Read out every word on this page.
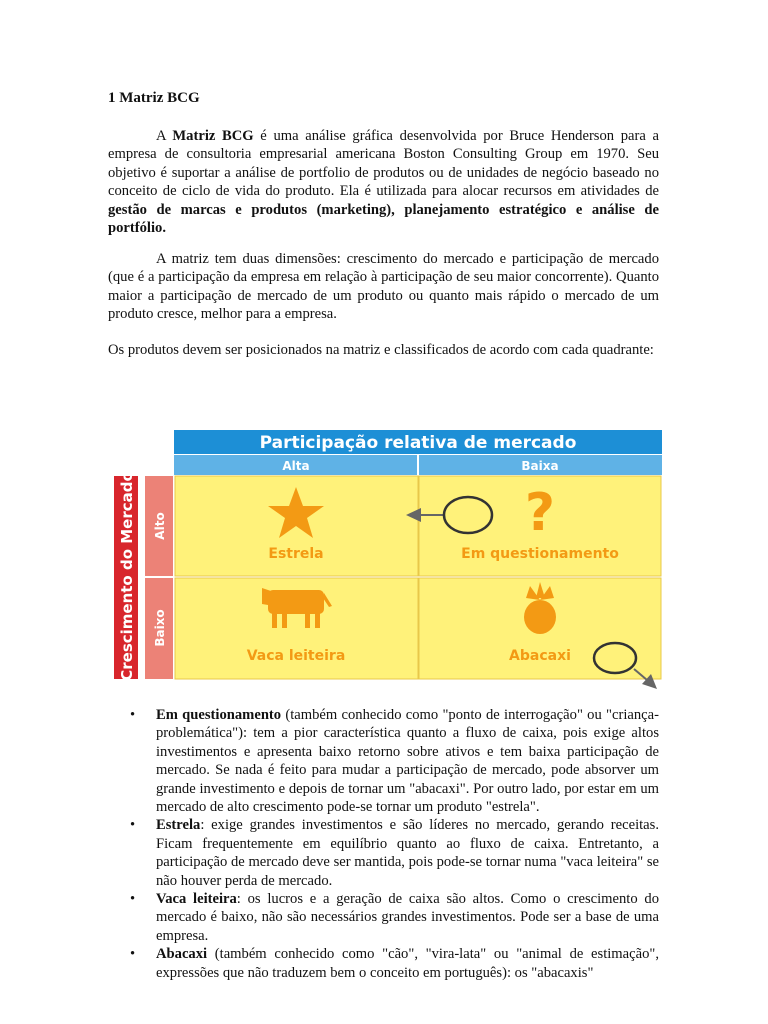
1 Matriz BCG

A Matriz BCG é uma análise gráfica desenvolvida por Bruce Henderson para a empresa de consultoria empresarial americana Boston Consulting Group em 1970. Seu objetivo é suportar a análise de portfolio de produtos ou de unidades de negócio baseado no conceito de ciclo de vida do produto. Ela é utilizada para alocar recursos em atividades de gestão de marcas e produtos (marketing), planejamento estratégico e análise de portfólio.

A matriz tem duas dimensões: crescimento do mercado e participação de mercado (que é a participação da empresa em relação à participação de seu maior concorrente). Quanto maior a participação de mercado de um produto ou quanto mais rápido o mercado de um produto cresce, melhor para a empresa.

Os produtos devem ser posicionados na matriz e classificados de acordo com cada quadrante:

Participação relativa de mercado
Alta	Baixa
Crescimento do Mercado Alto
Baixo
Estrela
?
Em questionamento
Vaca leiteira	Abacaxi
• Em questionamento (também conhecido como "ponto de interrogação" ou "criança-problemática"): tem a pior característica quanto a fluxo de caixa, pois exige altos investimentos e apresenta baixo retorno sobre ativos e tem baixa participação de mercado. Se nada é feito para mudar a participação de mercado, pode absorver um grande investimento e depois de tornar um "abacaxi". Por outro lado, por estar em um mercado de alto crescimento pode-se tornar um produto "estrela".
• Estrela: exige grandes investimentos e são líderes no mercado, gerando receitas. Ficam frequentemente em equilíbrio quanto ao fluxo de caixa. Entretanto, a participação de mercado deve ser mantida, pois pode-se tornar numa "vaca leiteira" se não houver perda de mercado.
• Vaca leiteira: os lucros e a geração de caixa são altos. Como o crescimento do mercado é baixo, não são necessários grandes investimentos. Pode ser a base de uma empresa.
• Abacaxi (também conhecido como "cão", "vira-lata" ou "animal de estimação", expressões que não traduzem bem o conceito em português): os "abacaxis"
